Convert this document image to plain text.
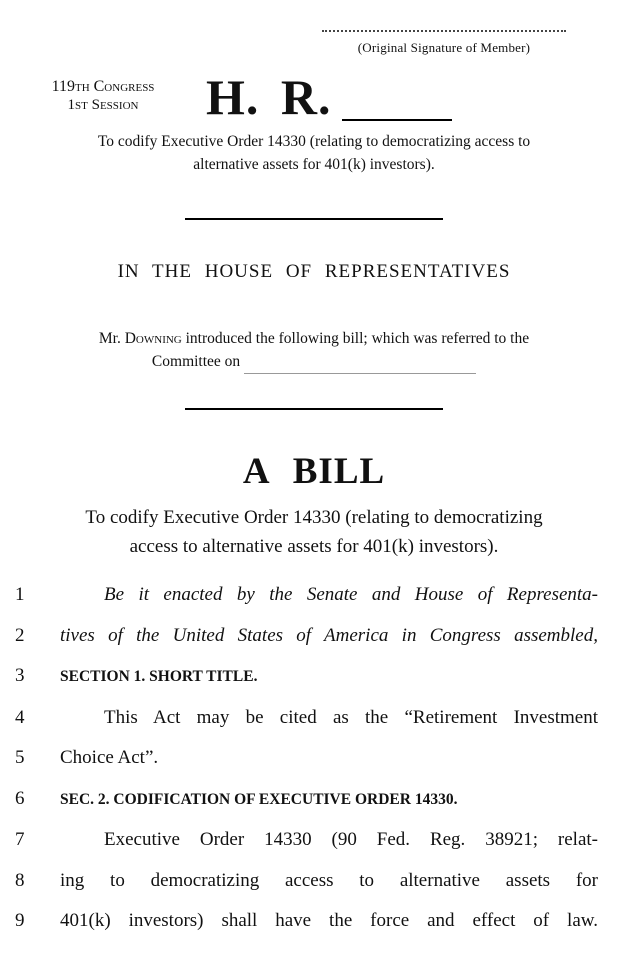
(Original Signature of Member)
119th Congress
1st Session	H. R.
To codify Executive Order 14330 (relating to democratizing access to
alternative assets for 401(k) investors).
IN THE HOUSE OF REPRESENTATIVES
Mr. Downing introduced the following bill; which was referred to the
Committee on
A BILL
To codify Executive Order 14330 (relating to democratizing
access to alternative assets for 401(k) investors).
1	Be it enacted by the Senate and House of Representa-
2	tives of the United States of America in Congress assembled,
3	SECTION 1. SHORT TITLE.
4	This Act may be cited as the “Retirement Investment
5	Choice Act”.
6	SEC. 2. CODIFICATION OF EXECUTIVE ORDER 14330.
7	Executive Order 14330 (90 Fed. Reg. 38921; relat-
8	ing to democratizing access to alternative assets for
9	401(k) investors) shall have the force and effect of law.
